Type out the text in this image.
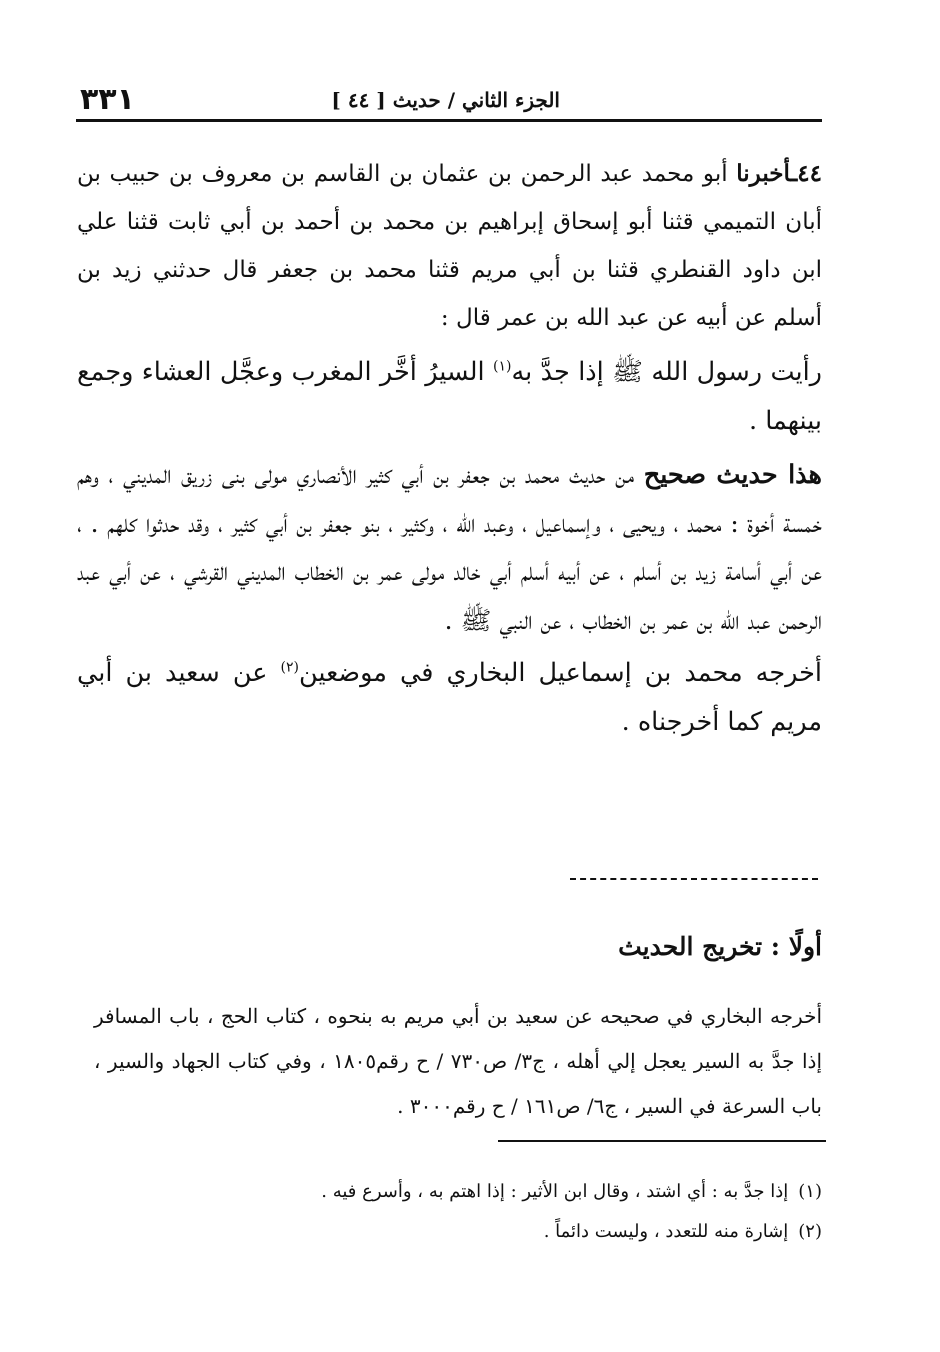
٣٣١	الجزء الثاني / حديث [ ٤٤ ]

٤٤ـأخبرنا أبو محمد عبد الرحمن بن عثمان بن القاسم بن معروف بن حبيب بن أبان التميمي قثنا أبو إسحاق إبراهيم بن محمد بن أحمد بن أبي ثابت قثنا علي ابن داود القنطري قثنا بن أبي مريم قثنا محمد بن جعفر قال حدثني زيد بن أسلم عن أبيه عن عبد الله بن عمر قال :

رأيت رسول الله ﷺ إذا جدَّ به$^{(١)}$ السيرُ أخَّر المغرب وعجَّل العشاء وجمع بينهما .

هذا حديث صحيح من حديث محمد بن جعفر بن أبي كثير الأنصاري مولى بنى زريق المديني ، وهم خمسة أخوة : محمد ، ويحيى ، وإسماعيل ، وعبد الله ، وكثير ، بنو جعفر بن أبي كثير ، وقد حدثوا كلهم . ، عن أبي أسامة زيد بن أسلم ، عن أبيه أسلم أبي خالد مولى عمر بن الخطاب المديني القرشي ، عن أبي عبد الرحمن عبد الله بن عمر بن الخطاب ، عن النبي ﷺ .

أخرجه محمد بن إسماعيل البخاري في موضعين$^{(٢)}$ عن سعيد بن أبي مريم كما أخرجناه .

أولًا : تخريج الحديث
أخرجه البخاري في صحيحه عن سعيد بن أبي مريم به بنحوه ، كتاب الحج ، باب المسافر إذا جدَّ به السير يعجل إلي أهله ، ج٣/ ص٧٣٠ / ح رقم١٨٠٥ ، وفي كتاب الجهاد والسير ، باب السرعة في السير ، ج٦/ ص١٦١ / ح رقم٣٠٠٠ .

(١)إذا جدَّ به : أي اشتد ، وقال ابن الأثير : إذا اهتم به ، وأسرع فيه .

(٢)إشارة منه للتعدد ، وليست دائماً .
